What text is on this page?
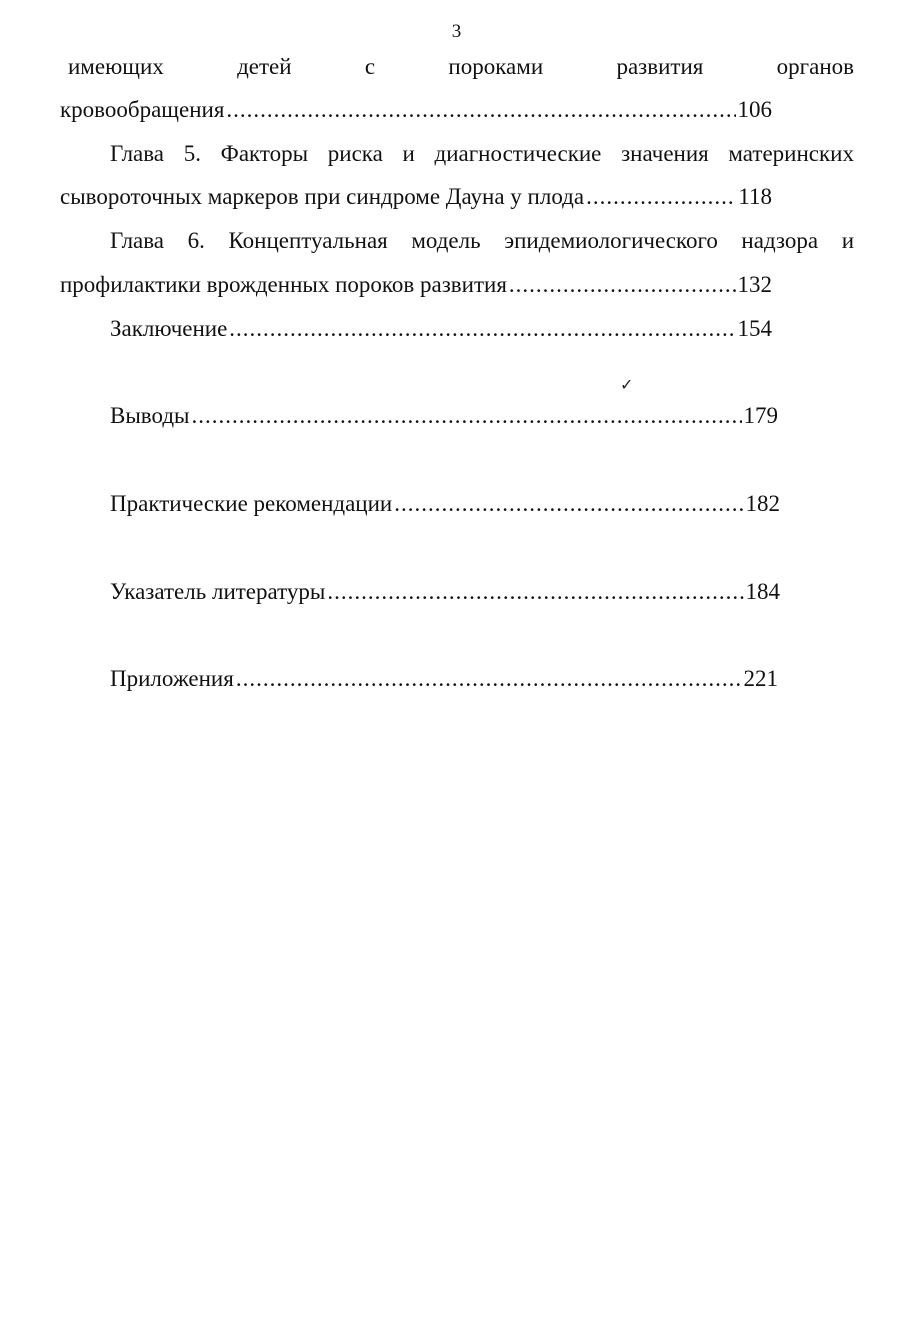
3
имеющих	детей	с	пороками	развития	органов
кровообращения .....	106
Глава 5. Факторы риска и диагностические значения материнских
сывороточных маркеров при синдроме Дауна у плода .....	118
Глава 6. Концептуальная модель эпидемиологического надзора и
профилактики врожденных пороков развития .....	132
Заключение .....	154
✓
Выводы .....	179
Практические рекомендации .....	182
Указатель литературы .....	184
Приложения .....	221
